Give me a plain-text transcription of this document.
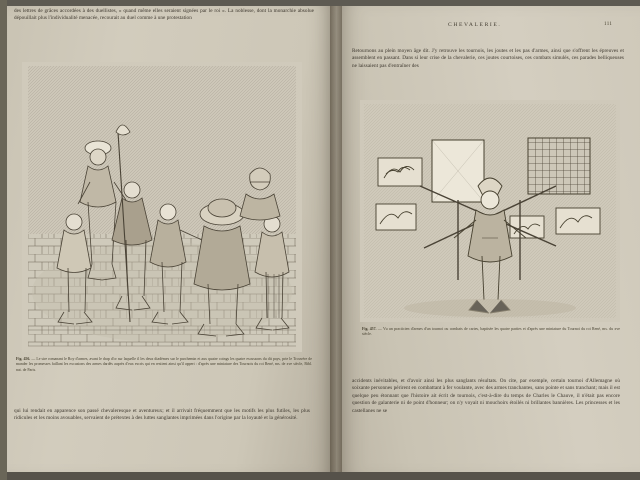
des lettres de grâces accordées à des duellistes, « quand même elles seraient signées par le roi ». La noblesse, dont la monarchie absolue dépouillait plus l'individualité menacée, recourait au duel comme à une protestation
Fig. 456. — Le sire romanant le Roy d'armes, avant le drap d'or sur laquelle il les deux diadèmes sur le parchemin et aux quatre coings les quatre escussons du dit pays, prie le Trouvère de mander les promesses faillant les excusions des armes dardés auprès d'eux escris qui en restient ainsi qu'il appert : d'après une miniature des Tournois du roi René, ms. de xve siècle, Bibl. nat. de Paris.
qui lui rendait en apparence son passé chevaleresque et aventureux; et il arrivait fréquemment que les motifs les plus futiles, les plus ridicules et les moins avouables, servaient de prétextes à des luttes sanglantes imprimées dans l'origine par la loyauté et la générosité.
CHEVALERIE.	111
Retournons au plein moyen âge dit. J'y retrouve les tournois, les joutes et les pas d'armes, ainsi que s'offrent les épreuves et assemblent en passant. Dans si leur crise de la chevalerie, ces joutes courtoises, ces combats simulés, ces parades belliqueuses ne laissaient pas d'entraîner des
Fig. 457. — Vu un practicien d'armes d'un tournoi ou combats de cartes, baptisée les quatre parties et d'après une miniature du Tournoi du roi René, ms. du xve siècle.
accidents inévitables, et d'avoir ainsi les plus sanglants résultats. On cite, par exemple, certain tournoi d'Allemagne où soixante personnes périrent en combattant à fer voulante, avec des armes tranchantes, sans pointe et sans tranchant; mais il est quelque peu étonnant que l'histoire ait écrit de tournois, c'est-à-dire du temps de Charles le Chauve, il n'était pas encore question de galanterie ni de point d'honneur; on n'y voyait ni mouchoirs étoilés ni brillantes bannières. Les princesses et les castellanes ne se
